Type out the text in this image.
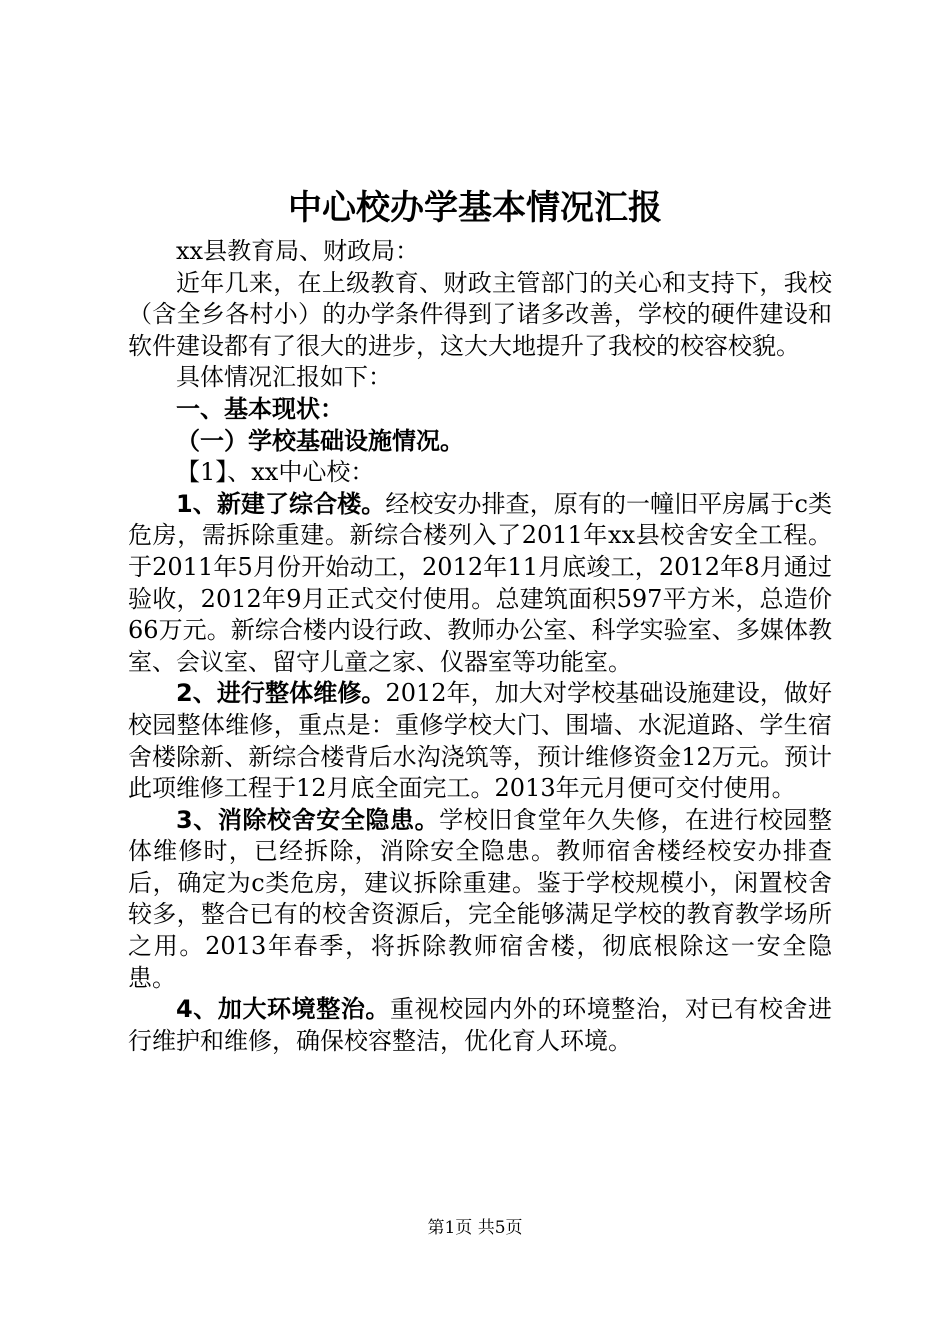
中心校办学基本情况汇报

xx县教育局、财政局：

近年几来，在上级教育、财政主管部门的关心和支持下，我校（含全乡各村小）的办学条件得到了诸多改善，学校的硬件建设和软件建设都有了很大的进步，这大大地提升了我校的校容校貌。

具体情况汇报如下：

一、基本现状：

（一）学校基础设施情况。

【1】、xx中心校：

1、新建了综合楼。经校安办排查，原有的一幢旧平房属于c类危房，需拆除重建。新综合楼列入了2011年xx县校舍安全工程。于2011年5月份开始动工，2012年11月底竣工，2012年8月通过验收，2012年9月正式交付使用。总建筑面积597平方米，总造价66万元。新综合楼内设行政、教师办公室、科学实验室、多媒体教室、会议室、留守儿童之家、仪器室等功能室。

2、进行整体维修。2012年，加大对学校基础设施建设，做好校园整体维修，重点是：重修学校大门、围墙、水泥道路、学生宿舍楼除新、新综合楼背后水沟浇筑等，预计维修资金12万元。预计此项维修工程于12月底全面完工。2013年元月便可交付使用。

3、消除校舍安全隐患。学校旧食堂年久失修，在进行校园整体维修时，已经拆除，消除安全隐患。教师宿舍楼经校安办排查后，确定为c类危房，建议拆除重建。鉴于学校规模小，闲置校舍较多，整合已有的校舍资源后，完全能够满足学校的教育教学场所之用。2013年春季，将拆除教师宿舍楼，彻底根除这一安全隐患。

4、加大环境整治。重视校园内外的环境整治，对已有校舍进行维护和维修，确保校容整洁，优化育人环境。

第1页 共5页
